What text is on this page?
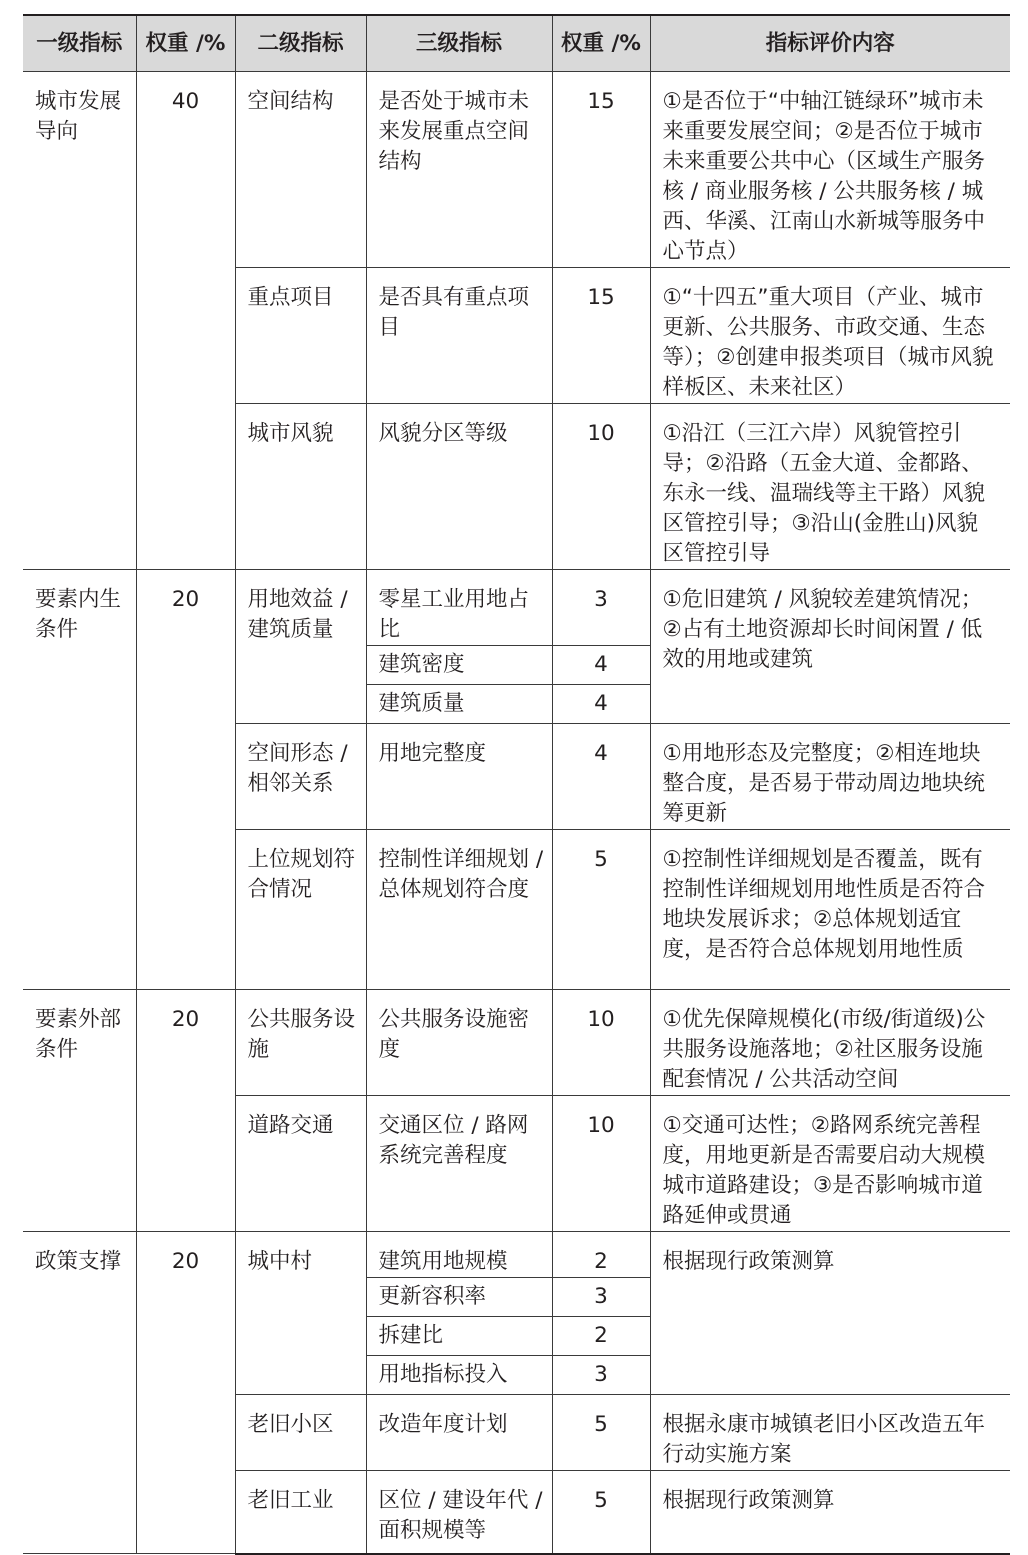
一级指标	权重 /%	二级指标	三级指标	权重 /%	指标评价内容
城市发展导向	40	空间结构	是否处于城市未来发展重点空间结构	15	①是否位于“中轴江链绿环”城市未来重要发展空间；②是否位于城市未来重要公共中心（区域生产服务核 / 商业服务核 / 公共服务核 / 城西、华溪、江南山水新城等服务中心节点）
		重点项目	是否具有重点项目	15	①“十四五”重大项目（产业、城市更新、公共服务、市政交通、生态等）；②创建申报类项目（城市风貌样板区、未来社区）
		城市风貌	风貌分区等级	10	①沿江（三江六岸）风貌管控引导；②沿路（五金大道、金都路、东永一线、温瑞线等主干路）风貌区管控引导；③沿山(金胜山)风貌区管控引导
要素内生条件	20	用地效益 / 建筑质量	零星工业用地占比	3	①危旧建筑 / 风貌较差建筑情况；②占有土地资源却长时间闲置 / 低效的用地或建筑
			建筑密度	4	
			建筑质量	4	
		空间形态 / 相邻关系	用地完整度	4	①用地形态及完整度；②相连地块整合度，是否易于带动周边地块统筹更新
		上位规划符合情况	控制性详细规划 / 总体规划符合度	5	①控制性详细规划是否覆盖，既有控制性详细规划用地性质是否符合地块发展诉求；②总体规划适宜度，是否符合总体规划用地性质
要素外部条件	20	公共服务设施	公共服务设施密度	10	①优先保障规模化(市级/街道级)公共服务设施落地；②社区服务设施配套情况 / 公共活动空间
		道路交通	交通区位 / 路网系统完善程度	10	①交通可达性；②路网系统完善程度，用地更新是否需要启动大规模城市道路建设；③是否影响城市道路延伸或贯通
政策支撑	20	城中村	建筑用地规模	2	根据现行政策测算
			更新容积率	3	
			拆建比	2	
			用地指标投入	3	
		老旧小区	改造年度计划	5	根据永康市城镇老旧小区改造五年行动实施方案
		老旧工业	区位 / 建设年代 / 面积规模等	5	根据现行政策测算
